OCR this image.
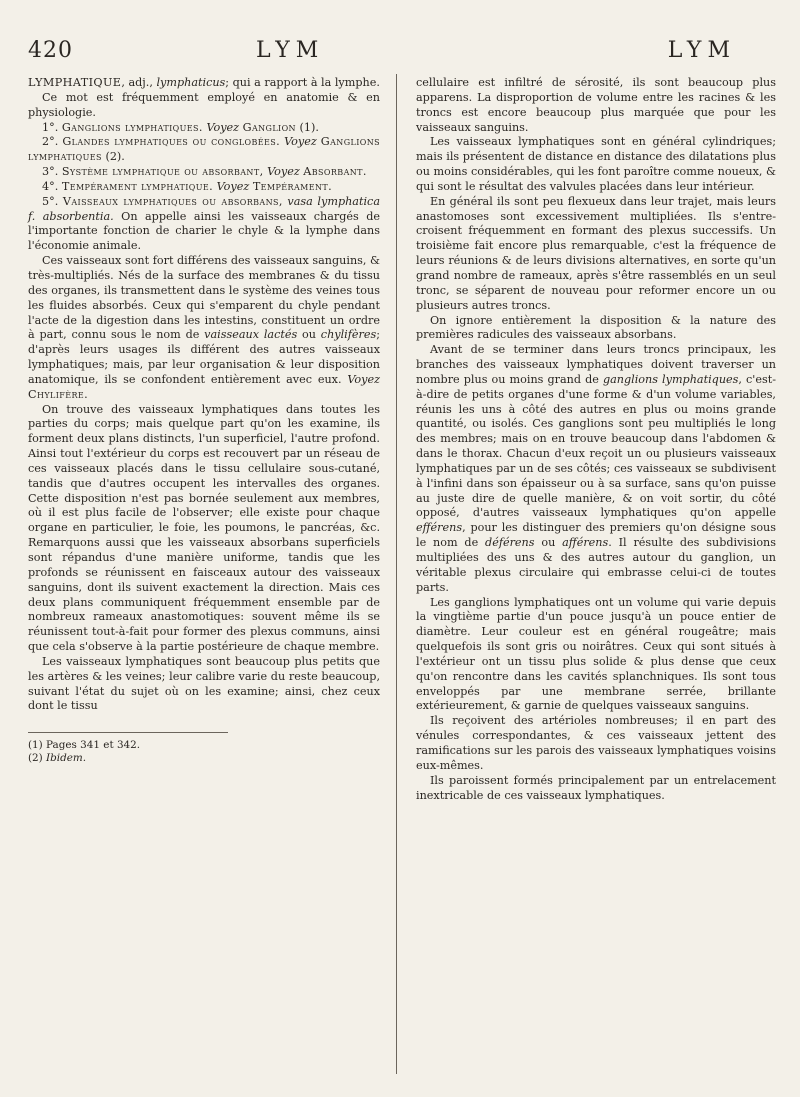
420	LYM	LYM

LYMPHATIQUE, adj., lymphaticus; qui a rapport à la lymphe.

Ce mot est fréquemment employé en anatomie & en physiologie.

1°. Ganglions lymphatiques. Voyez Ganglion (1).

2°. Glandes lymphatiques ou conglobées. Voyez Ganglions lymphatiques (2).

3°. Système lymphatique ou absorbant, Voyez Absorbant.

4°. Tempérament lymphatique. Voyez Tempérament.

5°. Vaisseaux lymphatiques ou absorbans, vasa lymphatica f. absorbentia. On appelle ainsi les vaisseaux chargés de l'importante fonction de charier le chyle & la lymphe dans l'économie animale.

Ces vaisseaux sont fort différens des vaisseaux sanguins, & très-multipliés. Nés de la surface des membranes & du tissu des organes, ils transmettent dans le système des veines tous les fluides absorbés. Ceux qui s'emparent du chyle pendant l'acte de la digestion dans les intestins, constituent un ordre à part, connu sous le nom de vaisseaux lactés ou chylifères; d'après leurs usages ils différent des autres vaisseaux lymphatiques; mais, par leur organisation & leur disposition anatomique, ils se confondent entièrement avec eux. Voyez Chylifère.

On trouve des vaisseaux lymphatiques dans toutes les parties du corps; mais quelque part qu'on les examine, ils forment deux plans distincts, l'un superficiel, l'autre profond. Ainsi tout l'extérieur du corps est recouvert par un réseau de ces vaisseaux placés dans le tissu cellulaire sous-cutané, tandis que d'autres occupent les intervalles des organes. Cette disposition n'est pas bornée seulement aux membres, où il est plus facile de l'observer; elle existe pour chaque organe en particulier, le foie, les poumons, le pancréas, &c. Remarquons aussi que les vaisseaux absorbans superficiels sont répandus d'une manière uniforme, tandis que les profonds se réunissent en faisceaux autour des vaisseaux sanguins, dont ils suivent exactement la direction. Mais ces deux plans communiquent fréquemment ensemble par de nombreux rameaux anastomotiques: souvent même ils se réunissent tout-à-fait pour former des plexus communs, ainsi que cela s'observe à la partie postérieure de chaque membre.

Les vaisseaux lymphatiques sont beaucoup plus petits que les artères & les veines; leur calibre varie du reste beaucoup, suivant l'état du sujet où on les examine; ainsi, chez ceux dont le tissu

(1) Pages 341 et 342.
(2) Ibidem.

cellulaire est infiltré de sérosité, ils sont beaucoup plus apparens. La disproportion de volume entre les racines & les troncs est encore beaucoup plus marquée que pour les vaisseaux sanguins.

Les vaisseaux lymphatiques sont en général cylindriques; mais ils présentent de distance en distance des dilatations plus ou moins considérables, qui les font paroître comme noueux, & qui sont le résultat des valvules placées dans leur intérieur.

En général ils sont peu flexueux dans leur trajet, mais leurs anastomoses sont excessivement multipliées. Ils s'entre-croisent fréquemment en formant des plexus successifs. Un troisième fait encore plus remarquable, c'est la fréquence de leurs réunions & de leurs divisions alternatives, en sorte qu'un grand nombre de rameaux, après s'être rassemblés en un seul tronc, se séparent de nouveau pour reformer encore un ou plusieurs autres troncs.

On ignore entièrement la disposition & la nature des premières radicules des vaisseaux absorbans.

Avant de se terminer dans leurs troncs principaux, les branches des vaisseaux lymphatiques doivent traverser un nombre plus ou moins grand de ganglions lymphatiques, c'est-à-dire de petits organes d'une forme & d'un volume variables, réunis les uns à côté des autres en plus ou moins grande quantité, ou isolés. Ces ganglions sont peu multipliés le long des membres; mais on en trouve beaucoup dans l'abdomen & dans le thorax. Chacun d'eux reçoit un ou plusieurs vaisseaux lymphatiques par un de ses côtés; ces vaisseaux se subdivisent à l'infini dans son épaisseur ou à sa surface, sans qu'on puisse au juste dire de quelle manière, & on voit sortir, du côté opposé, d'autres vaisseaux lymphatiques qu'on appelle efférens, pour les distinguer des premiers qu'on désigne sous le nom de déférens ou afférens. Il résulte des subdivisions multipliées des uns & des autres autour du ganglion, un véritable plexus circulaire qui embrasse celui-ci de toutes parts.

Les ganglions lymphatiques ont un volume qui varie depuis la vingtième partie d'un pouce jusqu'à un pouce entier de diamètre. Leur couleur est en général rougeâtre; mais quelquefois ils sont gris ou noirâtres. Ceux qui sont situés à l'extérieur ont un tissu plus solide & plus dense que ceux qu'on rencontre dans les cavités splanchniques. Ils sont tous enveloppés par une membrane serrée, brillante extérieurement, & garnie de quelques vaisseaux sanguins.

Ils reçoivent des artérioles nombreuses; il en part des vénules correspondantes, & ces vaisseaux jettent des ramifications sur les parois des vaisseaux lymphatiques voisins eux-mêmes.

Ils paroissent formés principalement par un entrelacement inextricable de ces vaisseaux lymphatiques.
